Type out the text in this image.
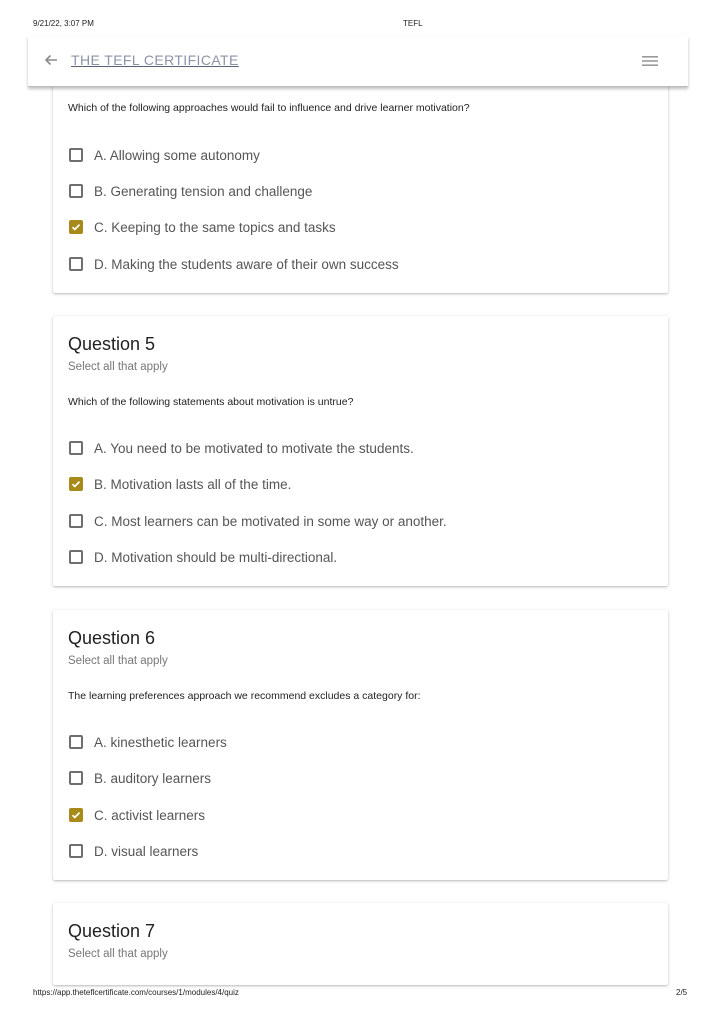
9/21/22, 3:07 PM	TEFL
THE TEFL CERTIFICATE
Which of the following approaches would fail to influence and drive learner motivation?
A. Allowing some autonomy
B. Generating tension and challenge
C. Keeping to the same topics and tasks
D. Making the students aware of their own success
Question 5
Select all that apply
Which of the following statements about motivation is untrue?
A. You need to be motivated to motivate the students.
B. Motivation lasts all of the time.
C. Most learners can be motivated in some way or another.
D. Motivation should be multi-directional.
Question 6
Select all that apply
The learning preferences approach we recommend excludes a category for:
A. kinesthetic learners
B. auditory learners
C. activist learners
D. visual learners
Question 7
Select all that apply
https://app.theteflcertificate.com/courses/1/modules/4/quiz	2/5
